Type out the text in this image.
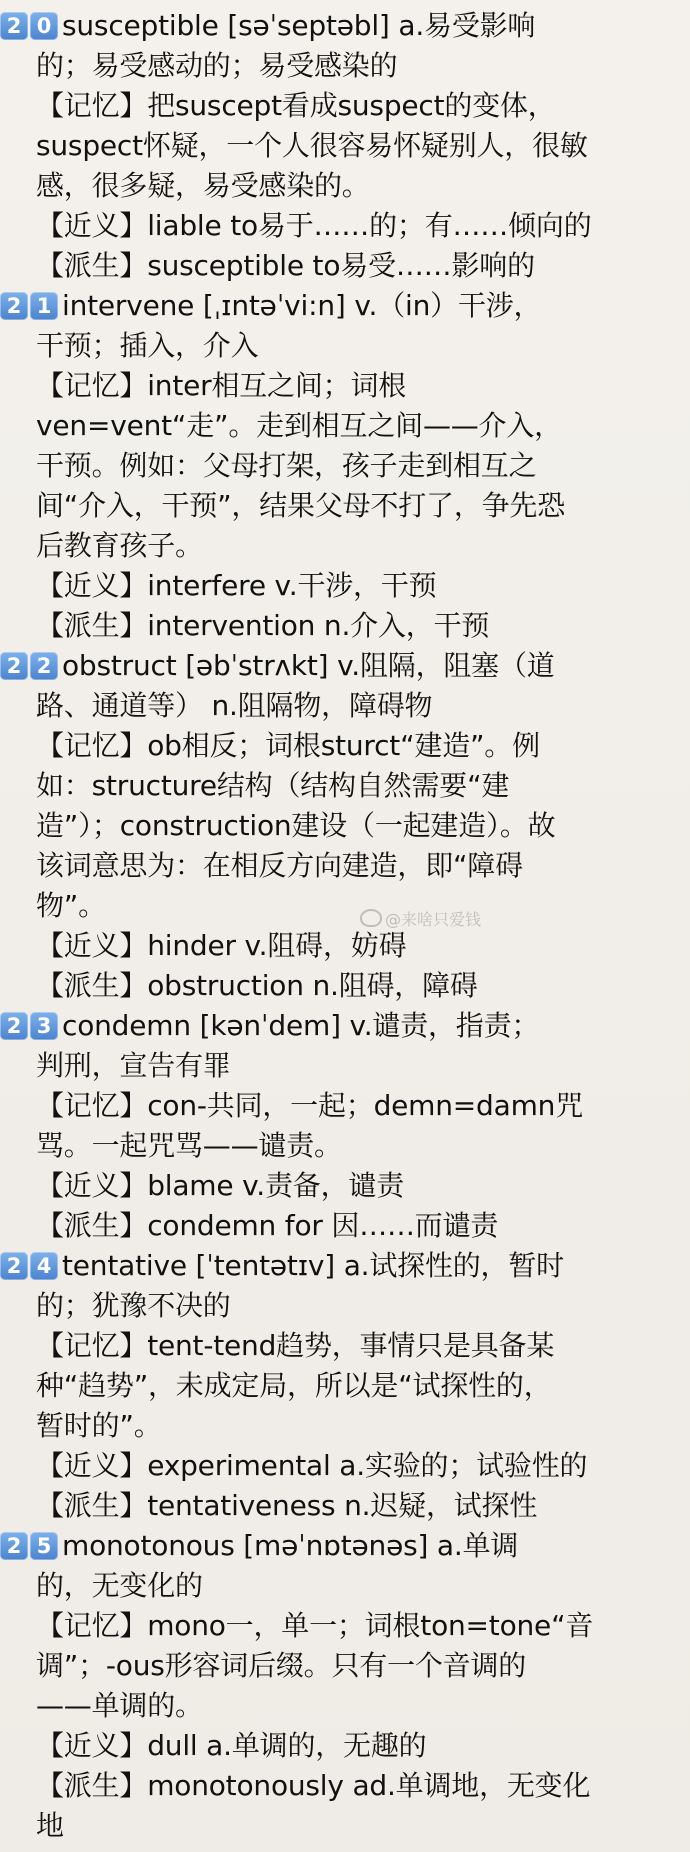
2 0 susceptible [səˈseptəbl] a.易受影响
的；易受感动的；易受感染的
【记忆】把suscept看成suspect的变体，
suspect怀疑，一个人很容易怀疑别人，很敏
感，很多疑，易受感染的。
【近义】liable to易于……的；有……倾向的
【派生】susceptible to易受……影响的
2 1 intervene [ˌɪntəˈvi:n] v.（in）干涉，
干预；插入，介入
【记忆】inter相互之间；词根
ven=vent“走”。走到相互之间——介入，
干预。例如：父母打架，孩子走到相互之
间“介入，干预”，结果父母不打了，争先恐
后教育孩子。
【近义】interfere v.干涉，干预
【派生】intervention n.介入，干预
2 2 obstruct [əbˈstrʌkt] v.阻隔，阻塞（道
路、通道等） n.阻隔物，障碍物
【记忆】ob相反；词根sturct“建造”。例
如：structure结构（结构自然需要“建
造”）；construction建设（一起建造）。故
该词意思为：在相反方向建造，即“障碍
物”。
【近义】hinder v.阻碍，妨碍
【派生】obstruction n.阻碍，障碍
2 3 condemn [kənˈdem] v.谴责，指责；
判刑，宣告有罪
【记忆】con-共同，一起；demn=damn咒
骂。一起咒骂——谴责。
【近义】blame v.责备，谴责
【派生】condemn for 因……而谴责
2 4 tentative [ˈtentətɪv] a.试探性的，暂时
的；犹豫不决的
【记忆】tent-tend趋势，事情只是具备某
种“趋势”，未成定局，所以是“试探性的，
暂时的”。
【近义】experimental a.实验的；试验性的
【派生】tentativeness n.迟疑，试探性
2 5 monotonous [məˈnɒtənəs] a.单调
的，无变化的
【记忆】mono一，单一；词根ton=tone“音
调”；-ous形容词后缀。只有一个音调的
——单调的。
【近义】dull a.单调的，无趣的
【派生】monotonously ad.单调地，无变化
地
@来啥只爱钱
